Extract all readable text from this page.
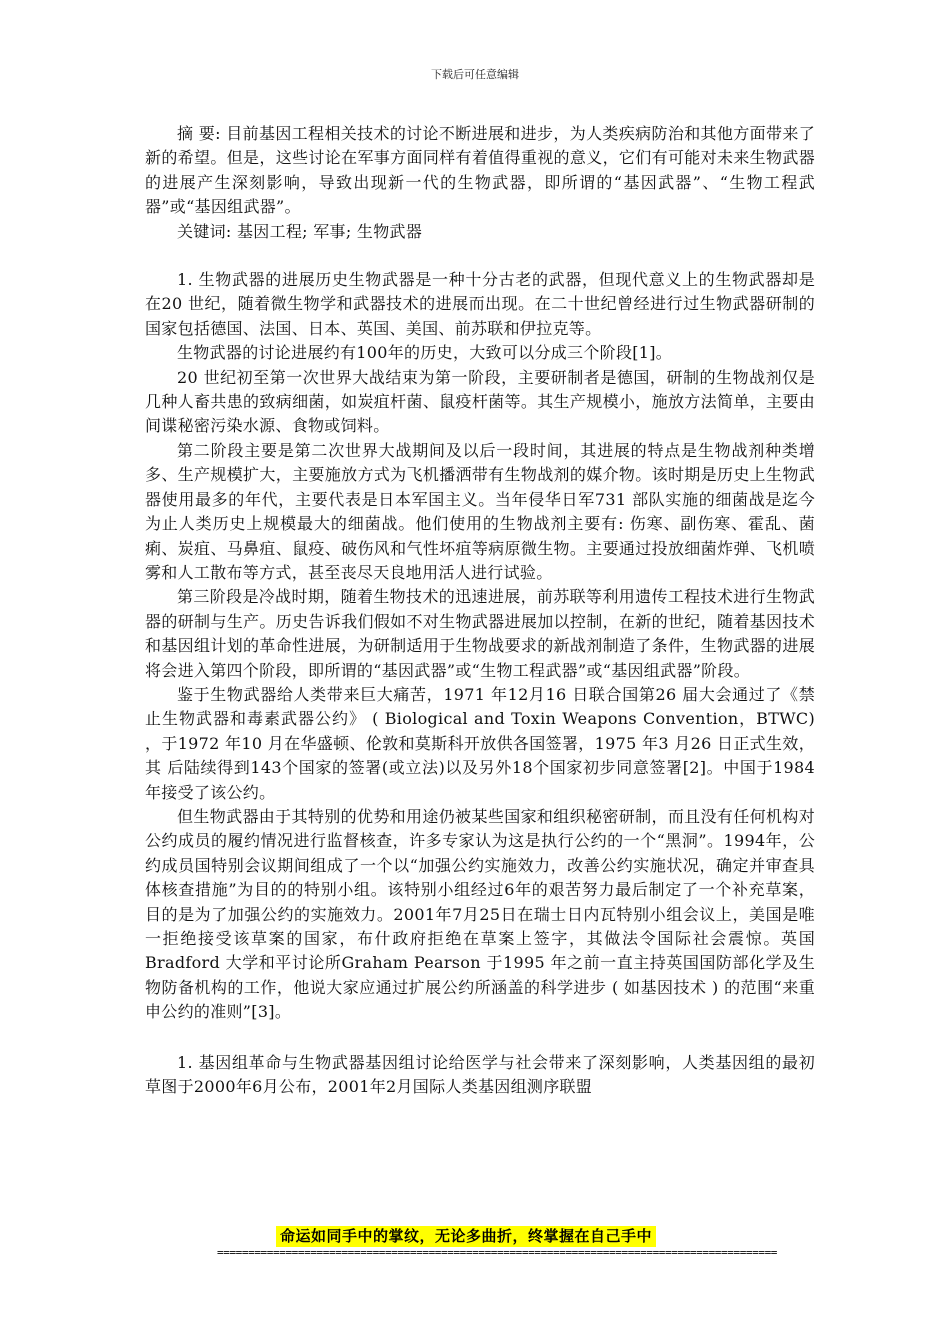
下载后可任意编辑

摘 要: 目前基因工程相关技术的讨论不断进展和进步，为人类疾病防治和其他方面带来了新的希望。但是，这些讨论在军事方面同样有着值得重视的意义，它们有可能对未来生物武器的进展产生深刻影响，导致出现新一代的生物武器，即所谓的“基因武器”、“生物工程武器”或“基因组武器”。

关键词: 基因工程; 军事; 生物武器

1. 生物武器的进展历史生物武器是一种十分古老的武器，但现代意义上的生物武器却是在20 世纪，随着微生物学和武器技术的进展而出现。在二十世纪曾经进行过生物武器研制的国家包括德国、法国、日本、英国、美国、前苏联和伊拉克等。

生物武器的讨论进展约有100年的历史，大致可以分成三个阶段[1]。

20 世纪初至第一次世界大战结束为第一阶段，主要研制者是德国，研制的生物战剂仅是几种人畜共患的致病细菌，如炭疽杆菌、鼠疫杆菌等。其生产规模小，施放方法简单，主要由间谍秘密污染水源、食物或饲料。

第二阶段主要是第二次世界大战期间及以后一段时间，其进展的特点是生物战剂种类增多、生产规模扩大，主要施放方式为飞机播洒带有生物战剂的媒介物。该时期是历史上生物武器使用最多的年代，主要代表是日本军国主义。当年侵华日军731 部队实施的细菌战是迄今为止人类历史上规模最大的细菌战。他们使用的生物战剂主要有: 伤寒、副伤寒、霍乱、菌痢、炭疽、马鼻疽、鼠疫、破伤风和气性坏疽等病原微生物。主要通过投放细菌炸弹、飞机喷雾和人工散布等方式，甚至丧尽天良地用活人进行试验。

第三阶段是冷战时期，随着生物技术的迅速进展，前苏联等利用遗传工程技术进行生物武器的研制与生产。历史告诉我们假如不对生物武器进展加以控制，在新的世纪，随着基因技术和基因组计划的革命性进展，为研制适用于生物战要求的新战剂制造了条件，生物武器的进展将会进入第四个阶段，即所谓的“基因武器”或“生物工程武器”或“基因组武器”阶段。

鉴于生物武器给人类带来巨大痛苦，1971 年12月16 日联合国第26 届大会通过了《禁止生物武器和毒素武器公约》 ( Biological and Toxin Weapons Convention，BTWC) ，于1972 年10 月在华盛顿、伦敦和莫斯科开放供各国签署，1975 年3 月26 日正式生效，其 后陆续得到143个国家的签署(或立法)以及另外18个国家初步同意签署[2]。中国于1984 年接受了该公约。

但生物武器由于其特别的优势和用途仍被某些国家和组织秘密研制，而且没有任何机构对公约成员的履约情况进行监督核查，许多专家认为这是执行公约的一个“黑洞”。1994年，公约成员国特别会议期间组成了一个以“加强公约实施效力，改善公约实施状况，确定并审查具体核查措施”为目的的特别小组。该特别小组经过6年的艰苦努力最后制定了一个补充草案，目的是为了加强公约的实施效力。2001年7月25日在瑞士日内瓦特别小组会议上，美国是唯一拒绝接受该草案的国家，布什政府拒绝在草案上签字，其做法令国际社会震惊。英国Bradford 大学和平讨论所Graham Pearson 于1995 年之前一直主持英国国防部化学及生物防备机构的工作，他说大家应通过扩展公约所涵盖的科学进步 ( 如基因技术 ) 的范围“来重申公约的准则”[3]。

1. 基因组革命与生物武器基因组讨论给医学与社会带来了深刻影响，人类基因组的最初草图于2000年6月公布，2001年2月国际人类基因组测序联盟

命运如同手中的掌纹，无论多曲折，终掌握在自己手中
==========================================================================================
